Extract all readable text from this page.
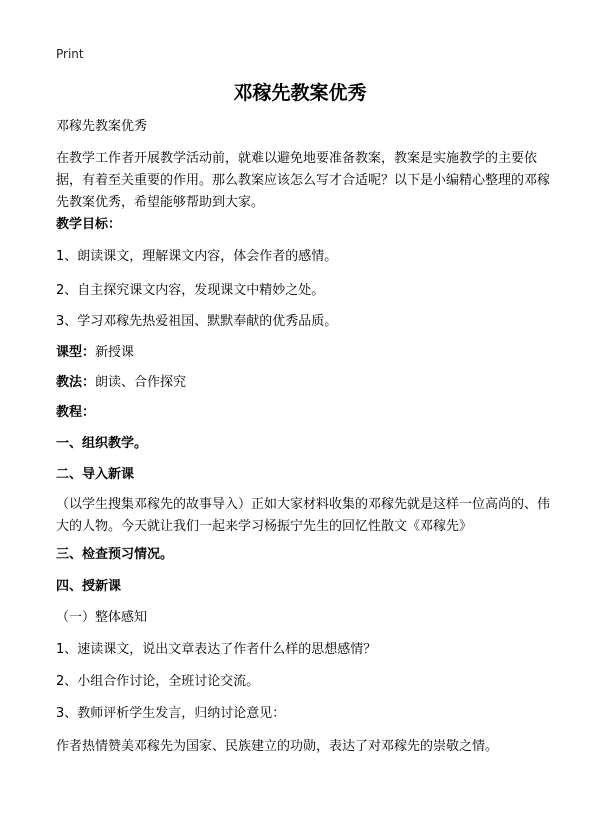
Print
邓稼先教案优秀
邓稼先教案优秀
在教学工作者开展教学活动前，就难以避免地要准备教案，教案是实施教学的主要依据，有着至关重要的作用。那么教案应该怎么写才合适呢？以下是小编精心整理的邓稼先教案优秀，希望能够帮助到大家。
教学目标：
1、朗读课文，理解课文内容，体会作者的感情。
2、自主探究课文内容，发现课文中精妙之处。
3、学习邓稼先热爱祖国、默默奉献的优秀品质。
课型：新授课
教法：朗读、合作探究
教程：
一、组织教学。
二、导入新课
（以学生搜集邓稼先的故事导入）正如大家材料收集的邓稼先就是这样一位高尚的、伟大的人物。今天就让我们一起来学习杨振宁先生的回忆性散文《邓稼先》
三、检查预习情况。
四、授新课
（一）整体感知
1、速读课文，说出文章表达了作者什么样的思想感情？
2、小组合作讨论，全班讨论交流。
3、教师评析学生发言，归纳讨论意见：
作者热情赞美邓稼先为国家、民族建立的功勋，表达了对邓稼先的崇敬之情。
